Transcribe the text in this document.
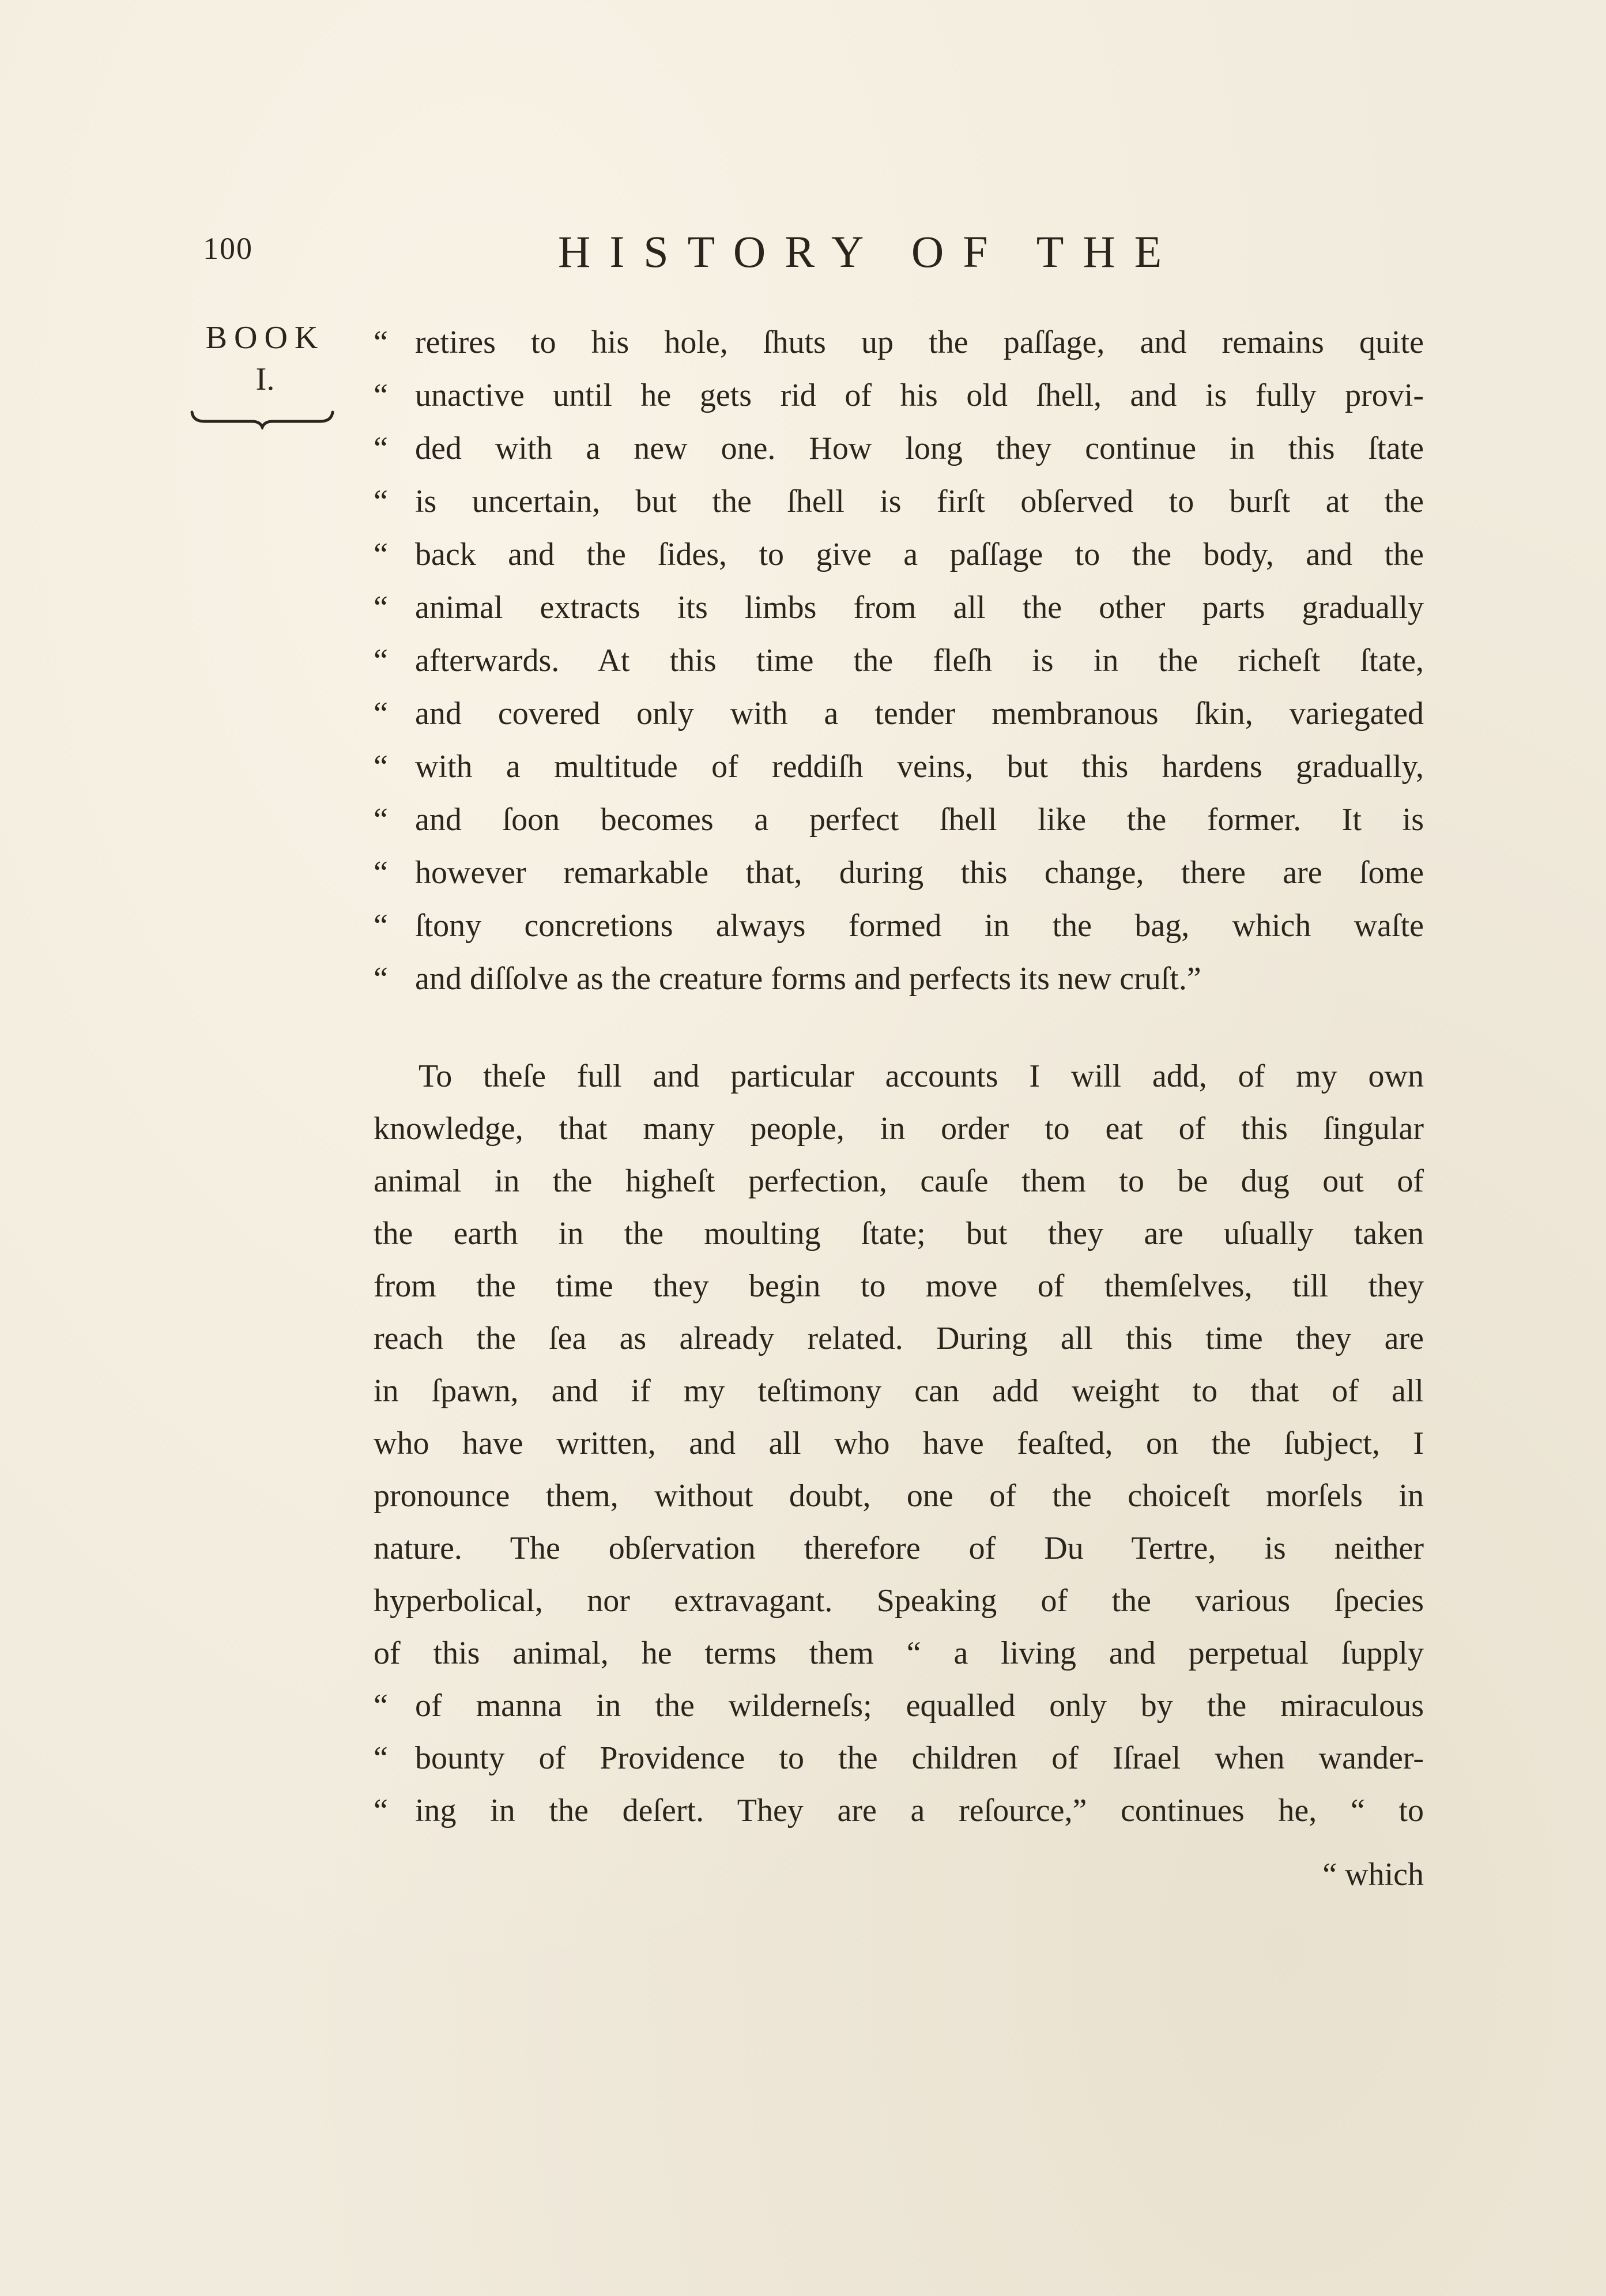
100	HISTORY OF THE
BOOK
I.
“ retires to his hole, ſhuts up the paſſage, and remains quite
“ unactive until he gets rid of his old ſhell, and is fully provi-
“ ded with a new one. How long they continue in this ſtate
“ is uncertain, but the ſhell is firſt obſerved to burſt at the
“ back and the ſides, to give a paſſage to the body, and the
“ animal extracts its limbs from all the other parts gradually
“ afterwards. At this time the fleſh is in the richeſt ſtate,
“ and covered only with a tender membranous ſkin, variegated
“ with a multitude of reddiſh veins, but this hardens gradually,
“ and ſoon becomes a perfect ſhell like the former. It is
“ however remarkable that, during this change, there are ſome
“ ſtony concretions always formed in the bag, which waſte
“ and diſſolve as the creature forms and perfects its new cruſt.”
To theſe full and particular accounts I will add, of my own
knowledge, that many people, in order to eat of this ſingular
animal in the higheſt perfection, cauſe them to be dug out of
the earth in the moulting ſtate; but they are uſually taken
from the time they begin to move of themſelves, till they
reach the ſea as already related. During all this time they are
in ſpawn, and if my teſtimony can add weight to that of all
who have written, and all who have feaſted, on the ſubject, I
pronounce them, without doubt, one of the choiceſt morſels in
nature. The obſervation therefore of Du Tertre, is neither
hyperbolical, nor extravagant. Speaking of the various ſpecies
of this animal, he terms them “ a living and perpetual ſupply
“ of manna in the wilderneſs; equalled only by the miraculous
“ bounty of Providence to the children of Iſrael when wander-
“ ing in the deſert. They are a reſource,” continues he, “ to
“ which
